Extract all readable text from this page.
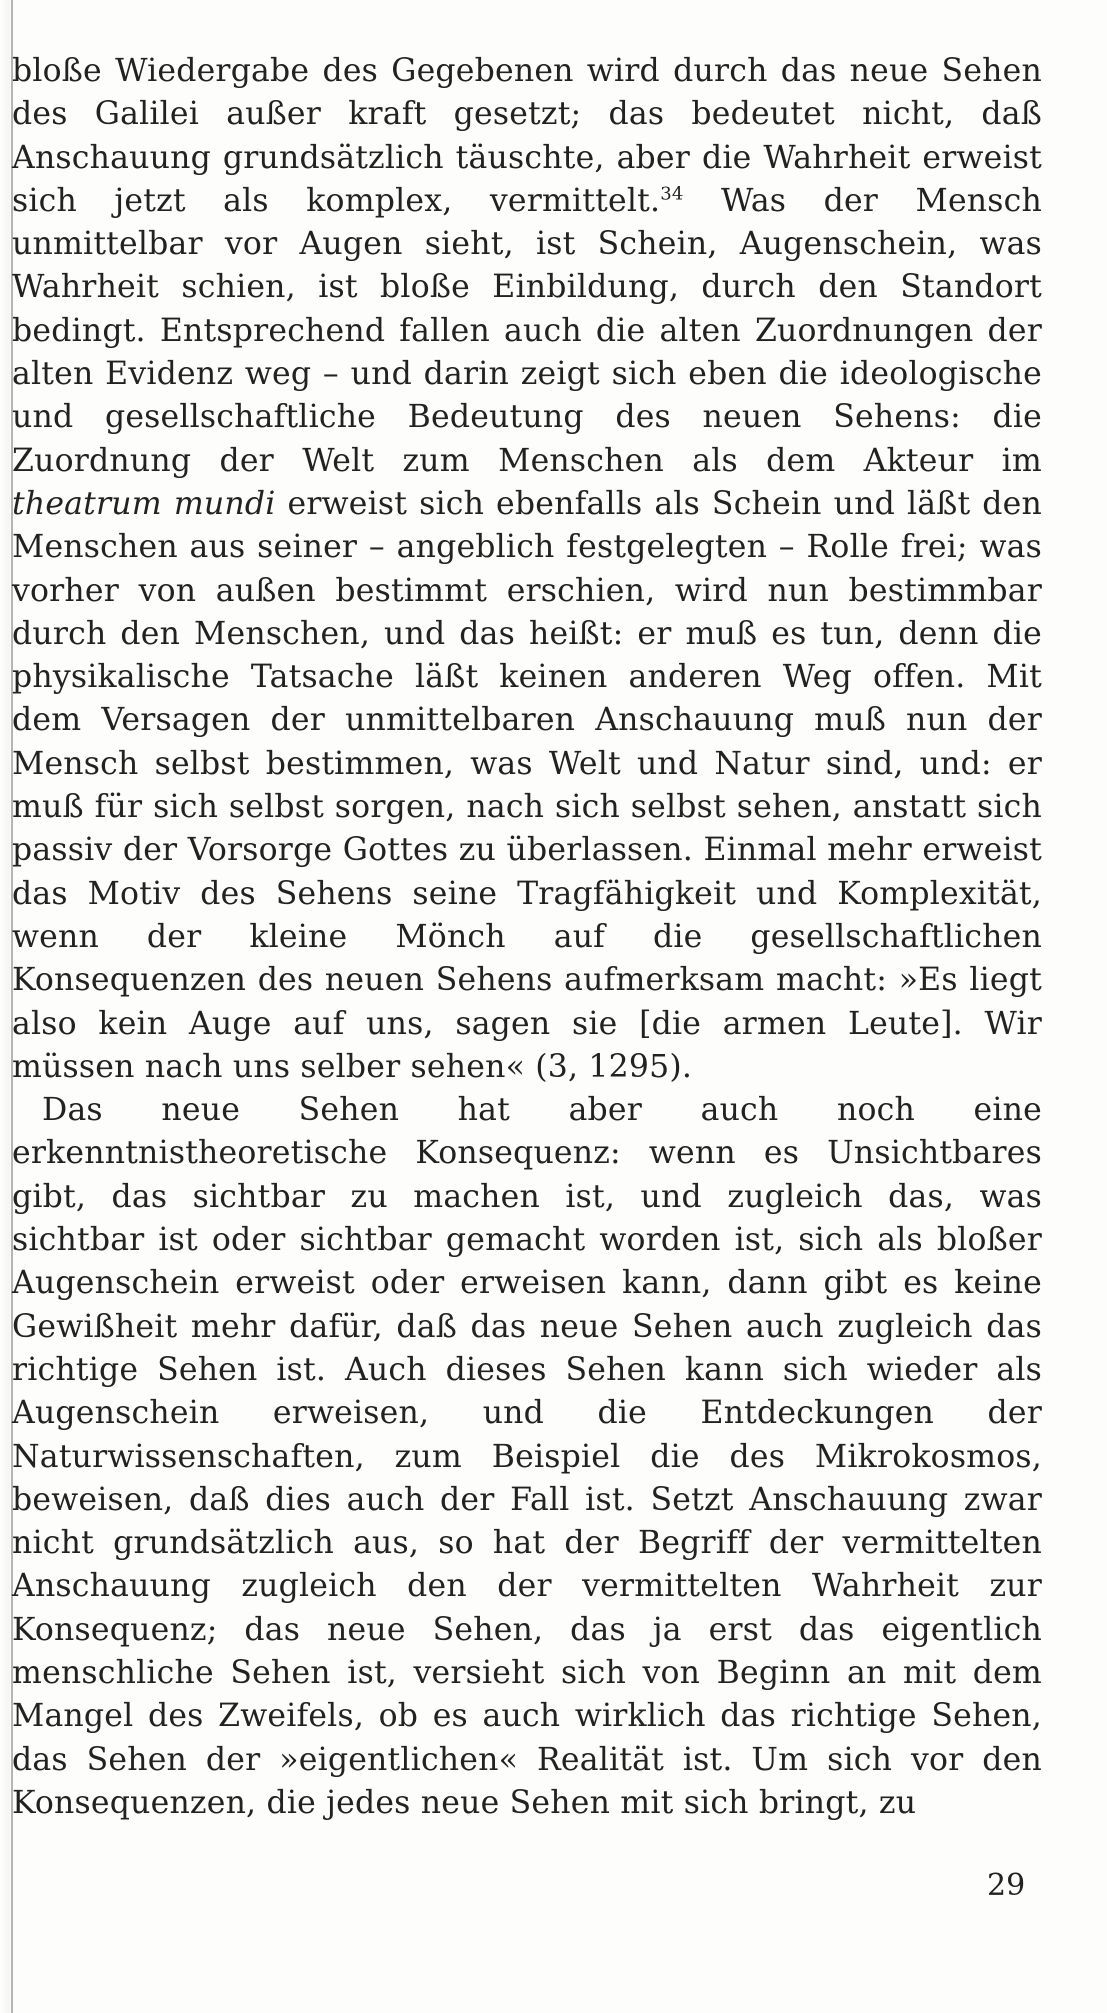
bloße Wiedergabe des Gegebenen wird durch das neue Sehen des Galilei außer kraft gesetzt; das bedeutet nicht, daß Anschauung grundsätzlich täuschte, aber die Wahrheit erweist sich jetzt als komplex, vermittelt.$^{34}$ Was der Mensch unmittelbar vor Augen sieht, ist Schein, Augenschein, was Wahrheit schien, ist bloße Einbildung, durch den Standort bedingt. Entsprechend fallen auch die alten Zuordnungen der alten Evidenz weg – und darin zeigt sich eben die ideologische und gesellschaftliche Bedeutung des neuen Sehens: die Zuordnung der Welt zum Menschen als dem Akteur im theatrum mundi erweist sich ebenfalls als Schein und läßt den Menschen aus seiner – angeblich festgelegten – Rolle frei; was vorher von außen bestimmt erschien, wird nun bestimmbar durch den Menschen, und das heißt: er muß es tun, denn die physikalische Tatsache läßt keinen anderen Weg offen. Mit dem Versagen der unmittelbaren Anschauung muß nun der Mensch selbst bestimmen, was Welt und Natur sind, und: er muß für sich selbst sorgen, nach sich selbst sehen, anstatt sich passiv der Vorsorge Gottes zu überlassen. Einmal mehr erweist das Motiv des Sehens seine Tragfähigkeit und Komplexität, wenn der kleine Mönch auf die gesellschaftlichen Konsequenzen des neuen Sehens aufmerksam macht: »Es liegt also kein Auge auf uns, sagen sie [die armen Leute]. Wir müssen nach uns selber sehen« (3, 1295).

Das neue Sehen hat aber auch noch eine erkenntnistheoretische Konsequenz: wenn es Unsichtbares gibt, das sichtbar zu machen ist, und zugleich das, was sichtbar ist oder sichtbar gemacht worden ist, sich als bloßer Augenschein erweist oder erweisen kann, dann gibt es keine Gewißheit mehr dafür, daß das neue Sehen auch zugleich das richtige Sehen ist. Auch dieses Sehen kann sich wieder als Augenschein erweisen, und die Entdeckungen der Naturwissenschaften, zum Beispiel die des Mikrokosmos, beweisen, daß dies auch der Fall ist. Setzt Anschauung zwar nicht grundsätzlich aus, so hat der Begriff der vermittelten Anschauung zugleich den der vermittelten Wahrheit zur Konsequenz; das neue Sehen, das ja erst das eigentlich menschliche Sehen ist, versieht sich von Beginn an mit dem Mangel des Zweifels, ob es auch wirklich das richtige Sehen, das Sehen der »eigentlichen« Realität ist. Um sich vor den Konsequenzen, die jedes neue Sehen mit sich bringt, zu

29
